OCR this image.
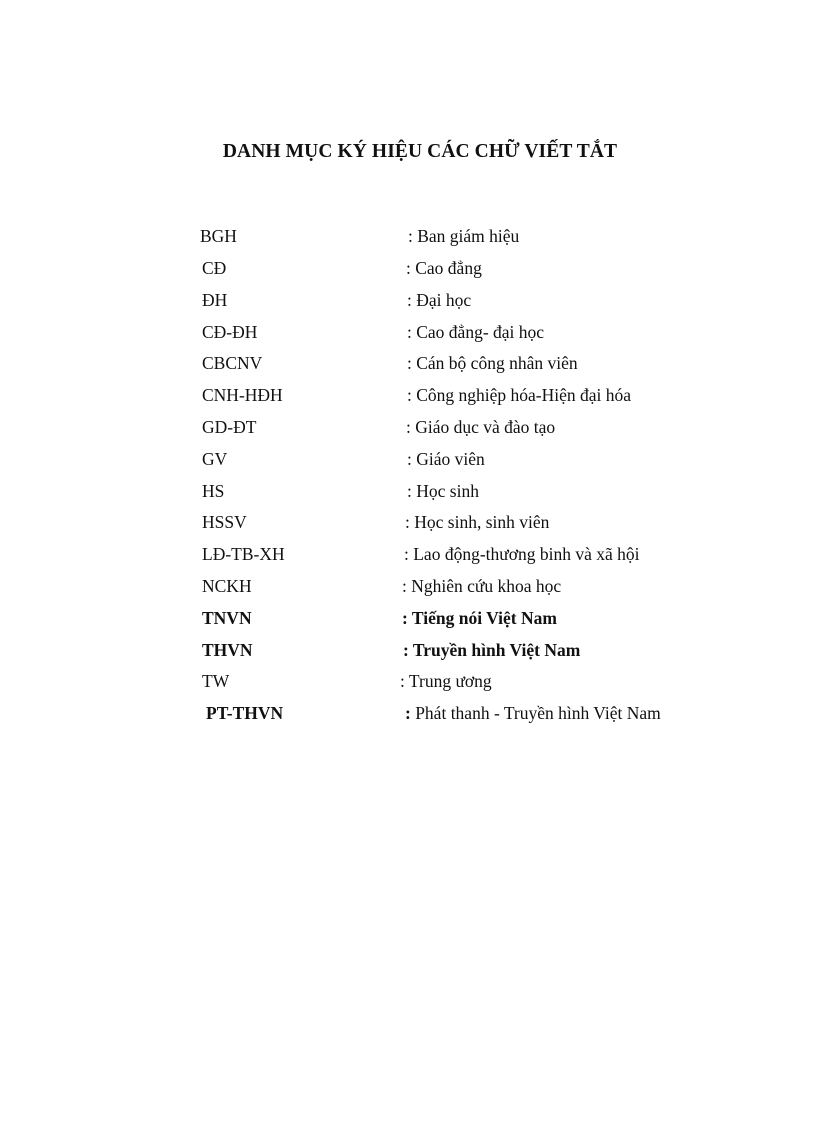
DANH MỤC KÝ HIỆU CÁC CHỮ VIẾT TẮT
BGH	: Ban giám hiệu
CĐ	: Cao đẳng
ĐH	: Đại học
CĐ-ĐH	: Cao đẳng- đại học
CBCNV	: Cán bộ công nhân viên
CNH-HĐH	: Công nghiệp hóa-Hiện đại hóa
GD-ĐT	: Giáo dục và đào tạo
GV	: Giáo viên
HS	: Học sinh
HSSV	: Học sinh, sinh viên
LĐ-TB-XH	: Lao động-thương binh và xã hội
NCKH	: Nghiên cứu khoa học
TNVN	: Tiếng nói Việt Nam
THVN	: Truyền hình Việt Nam
TW	: Trung ương
PT-THVN	: Phát thanh - Truyền hình Việt Nam
